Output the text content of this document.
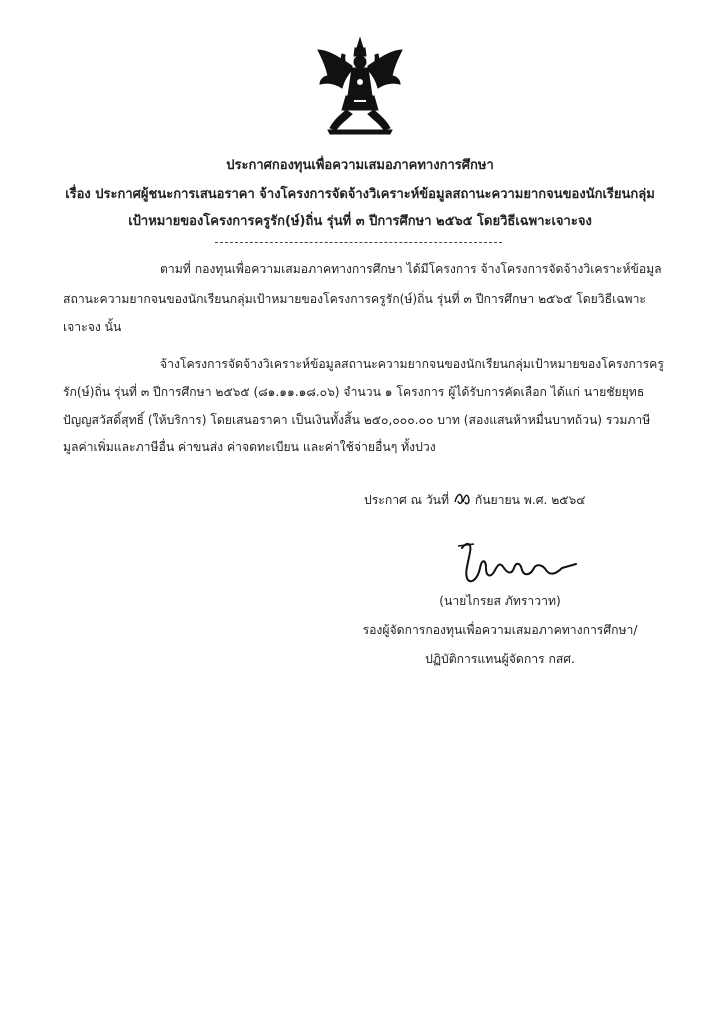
ประกาศกองทุนเพื่อความเสมอภาคทางการศึกษา
เรื่อง ประกาศผู้ชนะการเสนอราคา จ้างโครงการจัดจ้างวิเคราะห์ข้อมูลสถานะความยากจนของนักเรียนกลุ่ม
เป้าหมายของโครงการครูรัก(ษ์)ถิ่น รุ่นที่ ๓ ปีการศึกษา ๒๕๖๕ โดยวิธีเฉพาะเจาะจง
ตามที่ กองทุนเพื่อความเสมอภาคทางการศึกษา ได้มีโครงการ จ้างโครงการจัดจ้างวิเคราะห์ข้อมูล
สถานะความยากจนของนักเรียนกลุ่มเป้าหมายของโครงการครูรัก(ษ์)ถิ่น รุ่นที่ ๓ ปีการศึกษา ๒๕๖๕ โดยวิธีเฉพาะ
เจาะจง นั้น
จ้างโครงการจัดจ้างวิเคราะห์ข้อมูลสถานะความยากจนของนักเรียนกลุ่มเป้าหมายของโครงการครู
รัก(ษ์)ถิ่น รุ่นที่ ๓ ปีการศึกษา ๒๕๖๕ (๘๑.๑๑.๑๘.๐๖) จำนวน ๑ โครงการ ผู้ได้รับการคัดเลือก ได้แก่ นายชัยยุทธ
ปัญญสวัสดิ์สุทธิ์ (ให้บริการ) โดยเสนอราคา เป็นเงินทั้งสิ้น ๒๕๐,๐๐๐.๐๐ บาท (สองแสนห้าหมื่นบาทถ้วน) รวมภาษี
มูลค่าเพิ่มและภาษีอื่น ค่าขนส่ง ค่าจดทะเบียน และค่าใช้จ่ายอื่นๆ ทั้งปวง
ประกาศ ณ วันที่ กันยายน พ.ศ. ๒๕๖๔
(นายไกรยส ภัทราวาท)
รองผู้จัดการกองทุนเพื่อความเสมอภาคทางการศึกษา/
ปฏิบัติการแทนผู้จัดการ กสศ.
